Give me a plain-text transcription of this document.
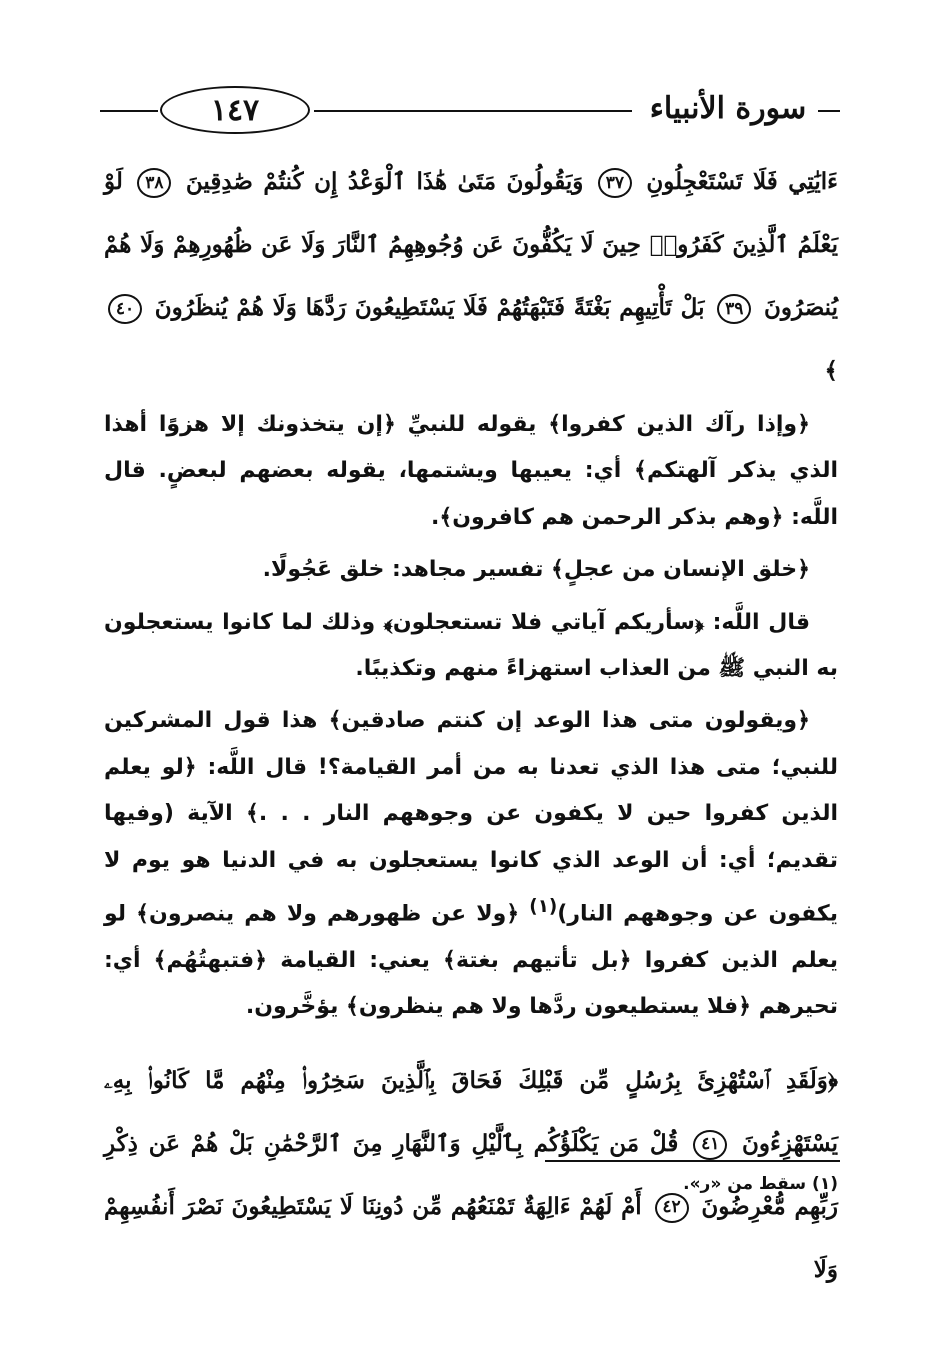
١٤٧	سورة الأنبياء

ءَايَٰتِي فَلَا تَسْتَعْجِلُونِ ٣٧ وَيَقُولُونَ مَتَىٰ هَٰذَا ٱلْوَعْدُ إِن كُنتُمْ صَٰدِقِينَ ٣٨ لَوْ يَعْلَمُ ٱلَّذِينَ كَفَرُوا۟ حِينَ لَا يَكُفُّونَ عَن وُجُوهِهِمُ ٱلنَّارَ وَلَا عَن ظُهُورِهِمْ وَلَا هُمْ يُنصَرُونَ ٣٩ بَلْ تَأْتِيهِم بَغْتَةً فَتَبْهَتُهُمْ فَلَا يَسْتَطِيعُونَ رَدَّهَا وَلَا هُمْ يُنظَرُونَ ٤٠ ﴾

﴿وإذا رآك الذين كفروا﴾ يقوله للنبيِّ ﴿إن يتخذونك إلا هزوًا أهذا الذي يذكر آلهتكم﴾ أي: يعيبها ويشتمها، يقوله بعضهم لبعضٍ. قال اللَّه: ﴿وهم بذكر الرحمن هم كافرون﴾.

﴿خلق الإنسان من عجلٍ﴾ تفسير مجاهد: خلق عَجُولًا.

قال اللَّه: ﴿سأريكم آياتي فلا تستعجلون﴾ وذلك لما كانوا يستعجلون به النبي ﷺ من العذاب استهزاءً منهم وتكذيبًا.

﴿ويقولون متى هذا الوعد إن كنتم صادقين﴾ هذا قول المشركين للنبي؛ متى هذا الذي تعدنا به من أمر القيامة؟! قال اللَّه: ﴿لو يعلم الذين كفروا حين لا يكفون عن وجوههم النار . . .﴾ الآية (وفيها تقديم؛ أي: أن الوعد الذي كانوا يستعجلون به في الدنيا هو يوم لا يكفون عن وجوههم النار)$^{(١)}$ ﴿ولا عن ظهورهم ولا هم ينصرون﴾ لو يعلم الذين كفروا ﴿بل تأتيهم بغتة﴾ يعني: القيامة ﴿فتبهتُهُم﴾ أي: تحيرهم ﴿فلا يستطيعون ردَّها ولا هم ينظرون﴾ يؤخَّرون.

﴿وَلَقَدِ ٱسْتُهْزِئَ بِرُسُلٍ مِّن قَبْلِكَ فَحَاقَ بِٱلَّذِينَ سَخِرُوا۟ مِنْهُم مَّا كَانُوا۟ بِهِۦ يَسْتَهْزِءُونَ ٤١ قُلْ مَن يَكْلَؤُكُم بِٱلَّيْلِ وَٱلنَّهَارِ مِنَ ٱلرَّحْمَٰنِ بَلْ هُمْ عَن ذِكْرِ رَبِّهِم مُّعْرِضُونَ ٤٢ أَمْ لَهُمْ ءَالِهَةٌ تَمْنَعُهُم مِّن دُونِنَا لَا يَسْتَطِيعُونَ نَصْرَ أَنفُسِهِمْ وَلَا

(١) سقط من «ر».
